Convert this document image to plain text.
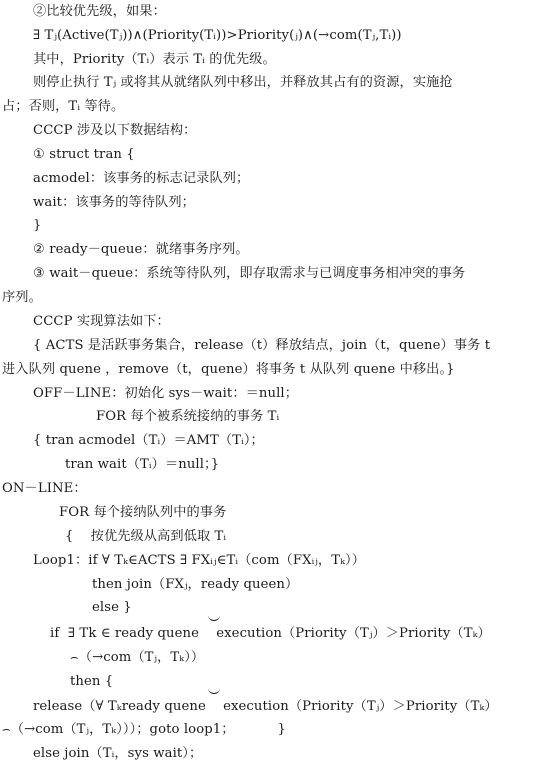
②比较优先级，如果：
∃ Tⱼ(Active(Tⱼ))∧(Priority(Tᵢ))>Priority(ⱼ)∧(→com(Tⱼ,Tᵢ))
其中，Priority（Tᵢ）表示 Tᵢ 的优先级。
则停止执行 Tⱼ 或将其从就绪队列中移出，并释放其占有的资源，实施抢
占；否则，Tᵢ 等待。
CCCP 涉及以下数据结构：
① struct tran {
acmodel：该事务的标志记录队列；
wait：该事务的等待队列；
}
② ready－queue：就绪事务序列。
③ wait－queue：系统等待队列，即存取需求与已调度事务相冲突的事务
序列。
CCCP 实现算法如下：
{ ACTS 是活跃事务集合，release（t）释放结点，join（t，quene）事务 t
进入队列 quene ，remove（t，quene）将事务 t 从队列 quene 中移出。}
OFF－LINE：初始化 sys－wait：＝null；
FOR 每个被系统接纳的事务 Tᵢ
{ tran acmodel（Tᵢ）＝AMT（Tᵢ）；
tran wait（Tᵢ）＝null；}
ON－LINE：
FOR 每个接纳队列中的事务
{    按优先级从高到低取 Tᵢ
Loop1：if ∀ Tₖ∈ACTS ∃ FXᵢⱼ∈Tᵢ（com（FXᵢⱼ，Tₖ））
then join（FXⱼ，ready queen）
else }
if  ∃ Tk ∈ ready quene    execution（Priority（Tⱼ）＞Priority（Tₖ）
⌢（→com（Tⱼ，Tₖ））
then {
release（∀ Tₖready quene    execution（Priority（Tⱼ）＞Priority（Tₖ）
⌢（→com（Tⱼ，Tₖ）））；goto loop1；          }
else join（Tᵢ，sys wait）；
